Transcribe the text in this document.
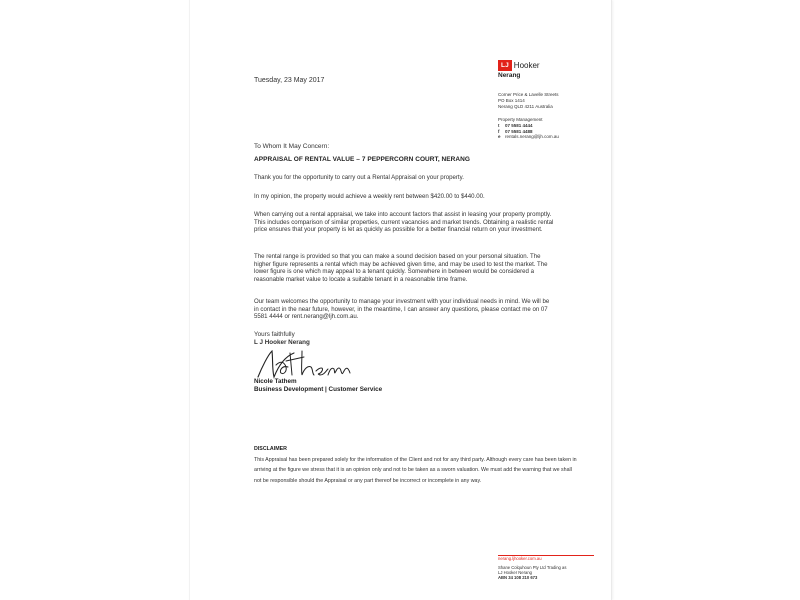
Tuesday, 23 May 2017
LJ Hooker
Nerang
Corner Price & Lavelle Streets
PO Box 1414
Nerang QLD 4211 Australia
Property Management
t 07 5581 4444
f 07 5581 4488
e rentals.nerang@ljh.com.au
To Whom It May Concern:
APPRAISAL OF RENTAL VALUE – 7 PEPPERCORN COURT, NERANG
Thank you for the opportunity to carry out a Rental Appraisal on your property.
In my opinion, the property would achieve a weekly rent between $420.00 to $440.00.
When carrying out a rental appraisal, we take into account factors that assist in leasing your property promptly. This includes comparison of similar properties, current vacancies and market trends. Obtaining a realistic rental price ensures that your property is let as quickly as possible for a better financial return on your investment.
The rental range is provided so that you can make a sound decision based on your personal situation. The higher figure represents a rental which may be achieved given time, and may be used to test the market. The lower figure is one which may appeal to a tenant quickly. Somewhere in between would be considered a reasonable market value to locate a suitable tenant in a reasonable time frame.
Our team welcomes the opportunity to manage your investment with your individual needs in mind. We will be in contact in the near future, however, in the meantime, I can answer any questions, please contact me on 07 5581 4444 or rent.nerang@ljh.com.au.
Yours faithfully
L J Hooker Nerang
Nicole Tathem
Business Development | Customer Service
DISCLAIMER
This Appraisal has been prepared solely for the information of the Client and not for any third party. Although every care has been taken in arriving at the figure we stress that it is an opinion only and not to be taken as a sworn valuation. We must add the warning that we shall not be responsible should the Appraisal or any part thereof be incorrect or incomplete in any way.
nerang.ljhooker.com.au
Shane Colquhoun Pty Ltd Trading as
LJ Hooker Nerang
ABN 34 108 210 673
